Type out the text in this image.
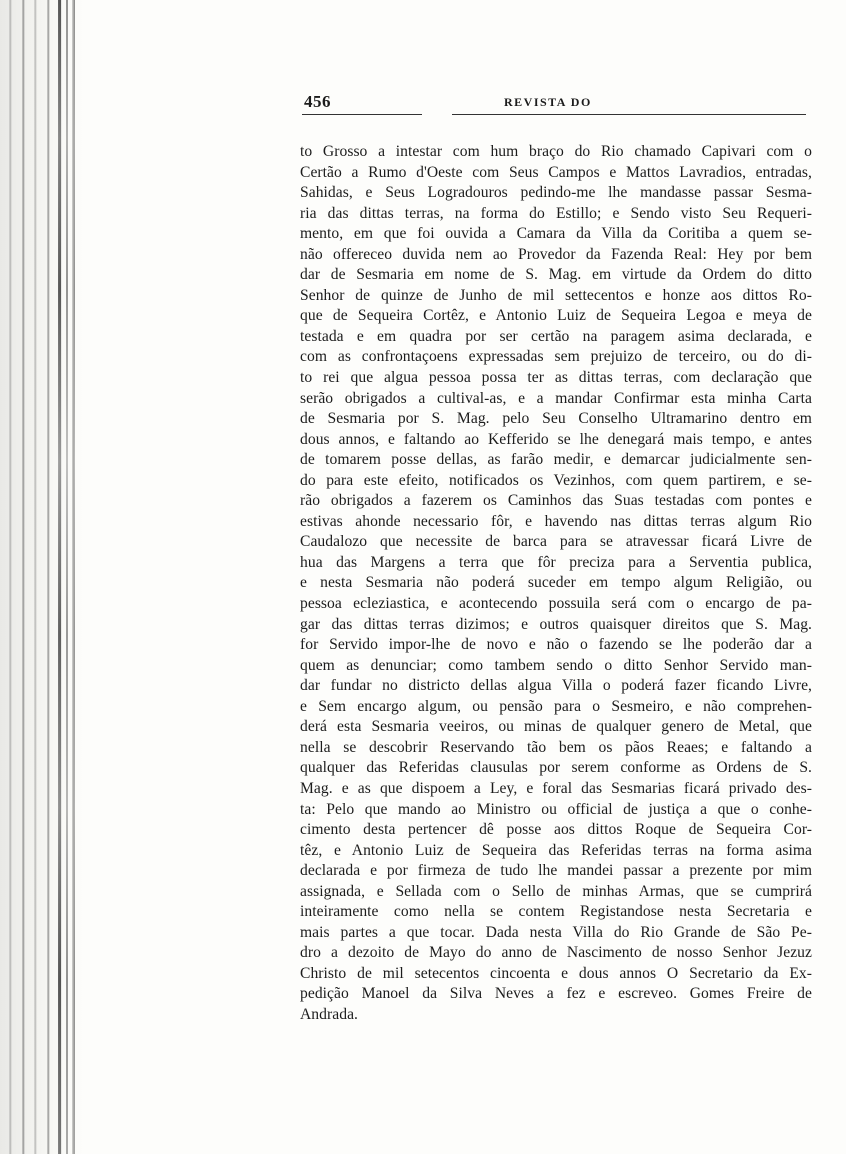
456	REVISTA DO
to Grosso a intestar com hum braço do Rio chamado Capivari com o
Certão a Rumo d'Oeste com Seus Campos e Mattos Lavradios, entradas,
Sahidas, e Seus Logradouros pedindo-me lhe mandasse passar Sesma-
ria das dittas terras, na forma do Estillo; e Sendo visto Seu Requeri-
mento, em que foi ouvida a Camara da Villa da Coritiba a quem se-
não offereceo duvida nem ao Provedor da Fazenda Real: Hey por bem
dar de Sesmaria em nome de S. Mag. em virtude da Ordem do ditto
Senhor de quinze de Junho de mil settecentos e honze aos dittos Ro-
que de Sequeira Cortêz, e Antonio Luiz de Sequeira Legoa e meya de
testada e em quadra por ser certão na paragem asima declarada, e
com as confrontaçoens expressadas sem prejuizo de terceiro, ou do di-
to rei que algua pessoa possa ter as dittas terras, com declaração que
serão obrigados a cultival-as, e a mandar Confirmar esta minha Carta
de Sesmaria por S. Mag. pelo Seu Conselho Ultramarino dentro em
dous annos, e faltando ao Kefferido se lhe denegará mais tempo, e antes
de tomarem posse dellas, as farão medir, e demarcar judicialmente sen-
do para este efeito, notificados os Vezinhos, com quem partirem, e se-
rão obrigados a fazerem os Caminhos das Suas testadas com pontes e
estivas ahonde necessario fôr, e havendo nas dittas terras algum Rio
Caudalozo que necessite de barca para se atravessar ficará Livre de
hua das Margens a terra que fôr preciza para a Serventia publica,
e nesta Sesmaria não poderá suceder em tempo algum Religião, ou
pessoa ecleziastica, e acontecendo possuila será com o encargo de pa-
gar das dittas terras dizimos; e outros quaisquer direitos que S. Mag.
for Servido impor-lhe de novo e não o fazendo se lhe poderão dar a
quem as denunciar; como tambem sendo o ditto Senhor Servido man-
dar fundar no districto dellas algua Villa o poderá fazer ficando Livre,
e Sem encargo algum, ou pensão para o Sesmeiro, e não comprehen-
derá esta Sesmaria veeiros, ou minas de qualquer genero de Metal, que
nella se descobrir Reservando tão bem os pãos Reaes; e faltando a
qualquer das Referidas clausulas por serem conforme as Ordens de S.
Mag. e as que dispoem a Ley, e foral das Sesmarias ficará privado des-
ta: Pelo que mando ao Ministro ou official de justiça a que o conhe-
cimento desta pertencer dê posse aos dittos Roque de Sequeira Cor-
têz, e Antonio Luiz de Sequeira das Referidas terras na forma asima
declarada e por firmeza de tudo lhe mandei passar a prezente por mim
assignada, e Sellada com o Sello de minhas Armas, que se cumprirá
inteiramente como nella se contem Registandose nesta Secretaria e
mais partes a que tocar. Dada nesta Villa do Rio Grande de São Pe-
dro a dezoito de Mayo do anno de Nascimento de nosso Senhor Jezuz
Christo de mil setecentos cincoenta e dous annos O Secretario da Ex-
pedição Manoel da Silva Neves a fez e escreveo. Gomes Freire de
Andrada.
